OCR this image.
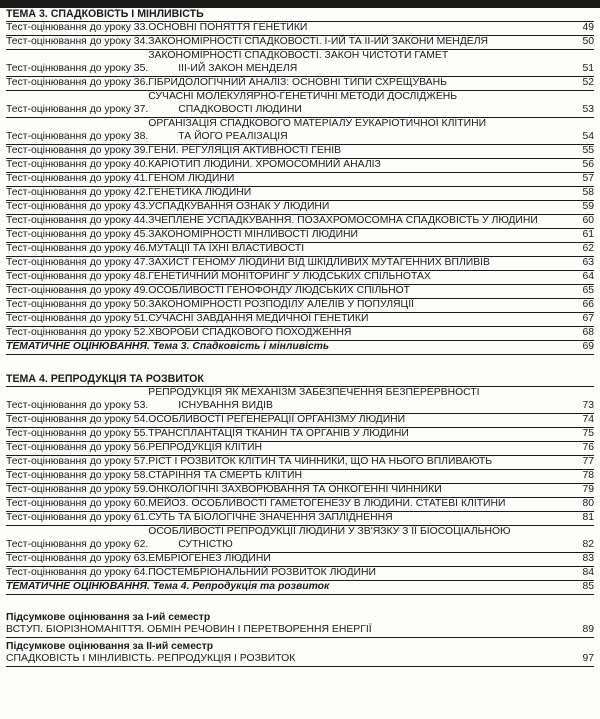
ТЕМА 3. СПАДКОВІСТЬ І МІНЛИВІСТЬ
Тест-оцінювання до уроку 33. ОСНОВНІ ПОНЯТТЯ ГЕНЕТИКИ	49
Тест-оцінювання до уроку 34. ЗАКОНОМІРНОСТІ СПАДКОВОСТІ. І-ИЙ ТА ІІ-ИЙ ЗАКОНИ МЕНДЕЛЯ	50
Тест-оцінювання до уроку 35.
ЗАКОНОМІРНОСТІ СПАДКОВОСТІ. ЗАКОН ЧИСТОТИ ГАМЕТ
ІІІ-ИЙ ЗАКОН МЕНДЕЛЯ	51
Тест-оцінювання до уроку 36. ГІБРИДОЛОГІЧНИЙ АНАЛІЗ: ОСНОВНІ ТИПИ СХРЕЩУВАНЬ	52
Тест-оцінювання до уроку 37.
СУЧАСНІ МОЛЕКУЛЯРНО-ГЕНЕТИЧНІ МЕТОДИ ДОСЛІДЖЕНЬ
СПАДКОВОСТІ ЛЮДИНИ	53
Тест-оцінювання до уроку 38.
ОРГАНІЗАЦІЯ СПАДКОВОГО МАТЕРІАЛУ ЕУКАРІОТИЧНОЇ КЛІТИНИ
ТА ЙОГО РЕАЛІЗАЦІЯ	54
Тест-оцінювання до уроку 39. ГЕНИ. РЕГУЛЯЦІЯ АКТИВНОСТІ ГЕНІВ	55
Тест-оцінювання до уроку 40. КАРІОТИП ЛЮДИНИ. ХРОМОСОМНИЙ АНАЛІЗ	56
Тест-оцінювання до уроку 41. ГЕНОМ ЛЮДИНИ	57
Тест-оцінювання до уроку 42. ГЕНЕТИКА ЛЮДИНИ	58
Тест-оцінювання до уроку 43. УСПАДКУВАННЯ ОЗНАК У ЛЮДИНИ	59
Тест-оцінювання до уроку 44. ЗЧЕПЛЕНЕ УСПАДКУВАННЯ. ПОЗАХРОМОСОМНА СПАДКОВІСТЬ У ЛЮДИНИ	60
Тест-оцінювання до уроку 45. ЗАКОНОМІРНОСТІ МІНЛИВОСТІ ЛЮДИНИ	61
Тест-оцінювання до уроку 46. МУТАЦІЇ ТА ЇХНІ ВЛАСТИВОСТІ	62
Тест-оцінювання до уроку 47. ЗАХИСТ ГЕНОМУ ЛЮДИНИ ВІД ШКІДЛИВИХ МУТАГЕННИХ ВПЛИВІВ	63
Тест-оцінювання до уроку 48. ГЕНЕТИЧНИЙ МОНІТОРИНГ У ЛЮДСЬКИХ СПІЛЬНОТАХ	64
Тест-оцінювання до уроку 49. ОСОБЛИВОСТІ ГЕНОФОНДУ ЛЮДСЬКИХ СПІЛЬНОТ	65
Тест-оцінювання до уроку 50. ЗАКОНОМІРНОСТІ РОЗПОДІЛУ АЛЕЛІВ У ПОПУЛЯЦІЇ	66
Тест-оцінювання до уроку 51. СУЧАСНІ ЗАВДАННЯ МЕДИЧНОЇ ГЕНЕТИКИ	67
Тест-оцінювання до уроку 52. ХВОРОБИ СПАДКОВОГО ПОХОДЖЕННЯ	68
ТЕМАТИЧНЕ ОЦІНЮВАННЯ. Тема 3. Спадковість і мінливість	69
ТЕМА 4. РЕПРОДУКЦІЯ ТА РОЗВИТОК
Тест-оцінювання до уроку 53.
РЕПРОДУКЦІЯ ЯК МЕХАНІЗМ ЗАБЕЗПЕЧЕННЯ БЕЗПЕРЕРВНОСТІ
ІСНУВАННЯ ВИДІВ	73
Тест-оцінювання до уроку 54. ОСОБЛИВОСТІ РЕГЕНЕРАЦІЇ ОРГАНІЗМУ ЛЮДИНИ	74
Тест-оцінювання до уроку 55. ТРАНСПЛАНТАЦІЯ ТКАНИН ТА ОРГАНІВ У ЛЮДИНИ	75
Тест-оцінювання до уроку 56. РЕПРОДУКЦІЯ КЛІТИН	76
Тест-оцінювання до уроку 57. РІСТ І РОЗВИТОК КЛІТИН ТА ЧИННИКИ, ЩО НА НЬОГО ВПЛИВАЮТЬ	77
Тест-оцінювання до уроку 58. СТАРІННЯ ТА СМЕРТЬ КЛІТИН	78
Тест-оцінювання до уроку 59. ОНКОЛОГІЧНІ ЗАХВОРЮВАННЯ ТА ОНКОГЕННІ ЧИННИКИ	79
Тест-оцінювання до уроку 60. МЕЙОЗ. ОСОБЛИВОСТІ ГАМЕТОГЕНЕЗУ В ЛЮДИНИ. СТАТЕВІ КЛІТИНИ	80
Тест-оцінювання до уроку 61. СУТЬ ТА БІОЛОГІЧНЕ ЗНАЧЕННЯ ЗАПЛІДНЕННЯ	81
Тест-оцінювання до уроку 62.
ОСОБЛИВОСТІ РЕПРОДУКЦІЇ ЛЮДИНИ У ЗВ'ЯЗКУ З ЇЇ БІОСОЦІАЛЬНОЮ
СУТНІСТЮ	82
Тест-оцінювання до уроку 63. ЕМБРІОГЕНЕЗ ЛЮДИНИ	83
Тест-оцінювання до уроку 64. ПОСТЕМБРІОНАЛЬНИЙ РОЗВИТОК ЛЮДИНИ	84
ТЕМАТИЧНЕ ОЦІНЮВАННЯ. Тема 4. Репродукція та розвиток	85
Підсумкове оцінювання за І-ий семестр
ВСТУП. БІОРІЗНОМАНІТТЯ. ОБМІН РЕЧОВИН І ПЕРЕТВОРЕННЯ ЕНЕРГІЇ	89
Підсумкове оцінювання за ІІ-ий семестр
СПАДКОВІСТЬ І МІНЛИВІСТЬ. РЕПРОДУКЦІЯ І РОЗВИТОК	97
